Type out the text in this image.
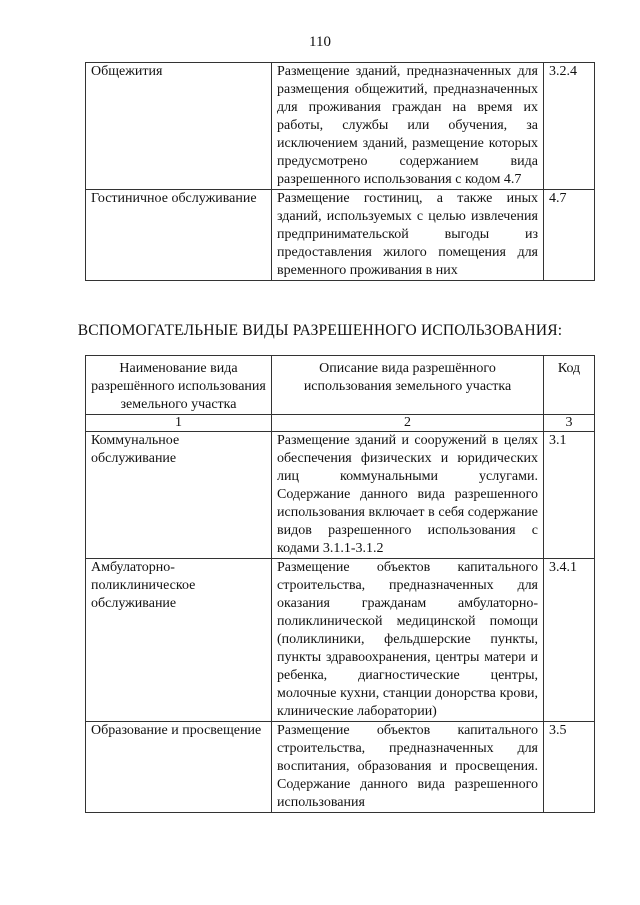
110
Общежития	Размещение зданий, предназначенных для размещения общежитий, предназначенных для проживания граждан на время их работы, службы или обучения, за исключением зданий, размещение которых предусмотрено содержанием вида разрешенного использования с кодом 4.7	3.2.4
Гостиничное обслуживание	Размещение гостиниц, а также иных зданий, используемых с целью извлечения предпринимательской выгоды из предоставления жилого помещения для временного проживания в них	4.7
ВСПОМОГАТЕЛЬНЫЕ ВИДЫ РАЗРЕШЕННОГО ИСПОЛЬЗОВАНИЯ:
Наименование вида разрешённого использования земельного участка	Описание вида разрешённого использования земельного участка	Код
1	2	3
Коммунальное обслуживание	Размещение зданий и сооружений в целях обеспечения физических и юридических лиц коммунальными услугами. Содержание данного вида разрешенного использования включает в себя содержание видов разрешенного использования с кодами 3.1.1-3.1.2	3.1
Амбулаторно-поликлиническое обслуживание	Размещение объектов капитального строительства, предназначенных для оказания гражданам амбулаторно-поликлинической медицинской помощи (поликлиники, фельдшерские пункты, пункты здравоохранения, центры матери и ребенка, диагностические центры, молочные кухни, станции донорства крови, клинические лаборатории)	3.4.1
Образование и просвещение	Размещение объектов капитального строительства, предназначенных для воспитания, образования и просвещения. Содержание данного вида разрешенного использования	3.5
